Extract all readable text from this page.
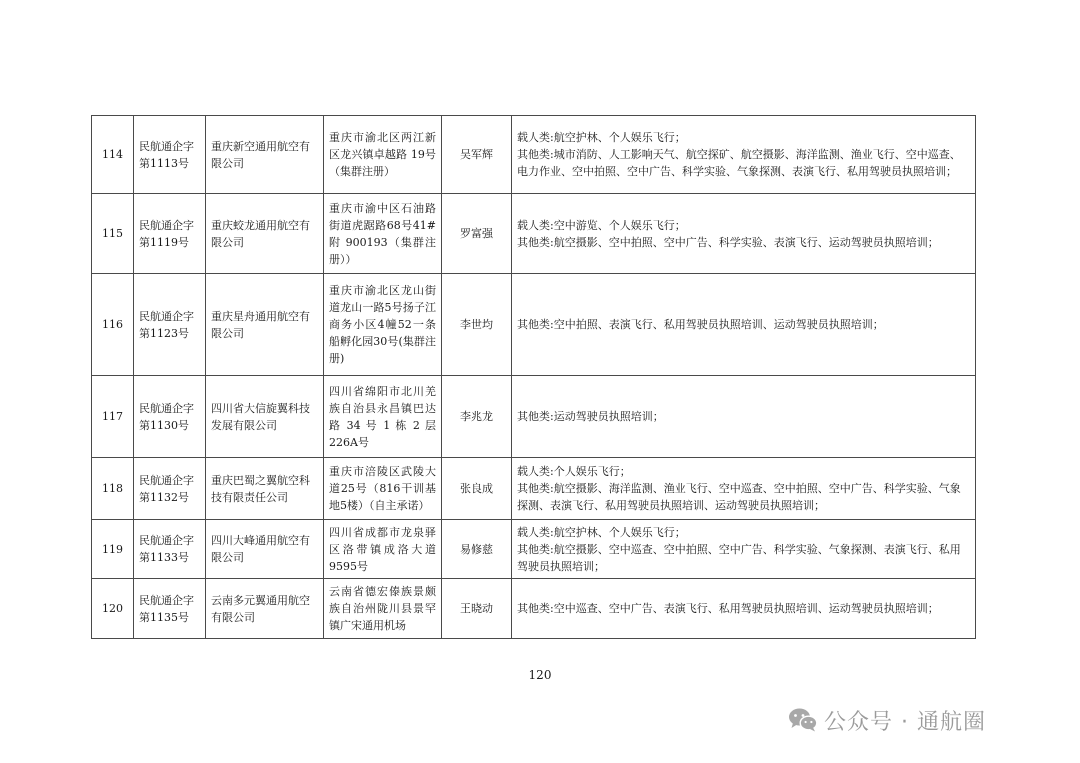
114	民航通企字第1113号	重庆新空通用航空有限公司	重庆市渝北区两江新区龙兴镇卓越路 19号（集群注册）	吴军辉	载人类:航空护林、个人娱乐飞行；
其他类:城市消防、人工影响天气、航空探矿、航空摄影、海洋监测、渔业飞行、空中巡查、电力作业、空中拍照、空中广告、科学实验、气象探测、表演飞行、私用驾驶员执照培训；

115	民航通企字第1119号	重庆蛟龙通用航空有限公司	重庆市渝中区石油路街道虎踞路68号41#附 900193（集群注册））	罗富强	载人类:空中游览、个人娱乐飞行；
其他类:航空摄影、空中拍照、空中广告、科学实验、表演飞行、运动驾驶员执照培训；

116	民航通企字第1123号	重庆星舟通用航空有限公司	重庆市渝北区龙山街道龙山一路5号扬子江商务小区4幢52一条船孵化园30号(集群注册)	李世均	其他类:空中拍照、表演飞行、私用驾驶员执照培训、运动驾驶员执照培训；

117	民航通企字第1130号	四川省大信旋翼科技发展有限公司	四川省绵阳市北川羌族自治县永昌镇巴达路 34 号 1 栋 2 层226A号	李兆龙	其他类:运动驾驶员执照培训；

118	民航通企字第1132号	重庆巴蜀之翼航空科技有限责任公司	重庆市涪陵区武陵大道25号（816干训基地5楼）（自主承诺）	张良成	载人类:个人娱乐飞行；
其他类:航空摄影、海洋监测、渔业飞行、空中巡查、空中拍照、空中广告、科学实验、气象探测、表演飞行、私用驾驶员执照培训、运动驾驶员执照培训；

119	民航通企字第1133号	四川大峰通用航空有限公司	四川省成都市龙泉驿区洛带镇成洛大道9595号	易修慈	载人类:航空护林、个人娱乐飞行；
其他类:航空摄影、空中巡查、空中拍照、空中广告、科学实验、气象探测、表演飞行、私用驾驶员执照培训；

120	民航通企字第1135号	云南多元翼通用航空有限公司	云南省德宏傣族景颇族自治州陇川县景罕镇广宋通用机场	王晓动	其他类:空中巡查、空中广告、表演飞行、私用驾驶员执照培训、运动驾驶员执照培训；
120
公众号 · 通航圈
